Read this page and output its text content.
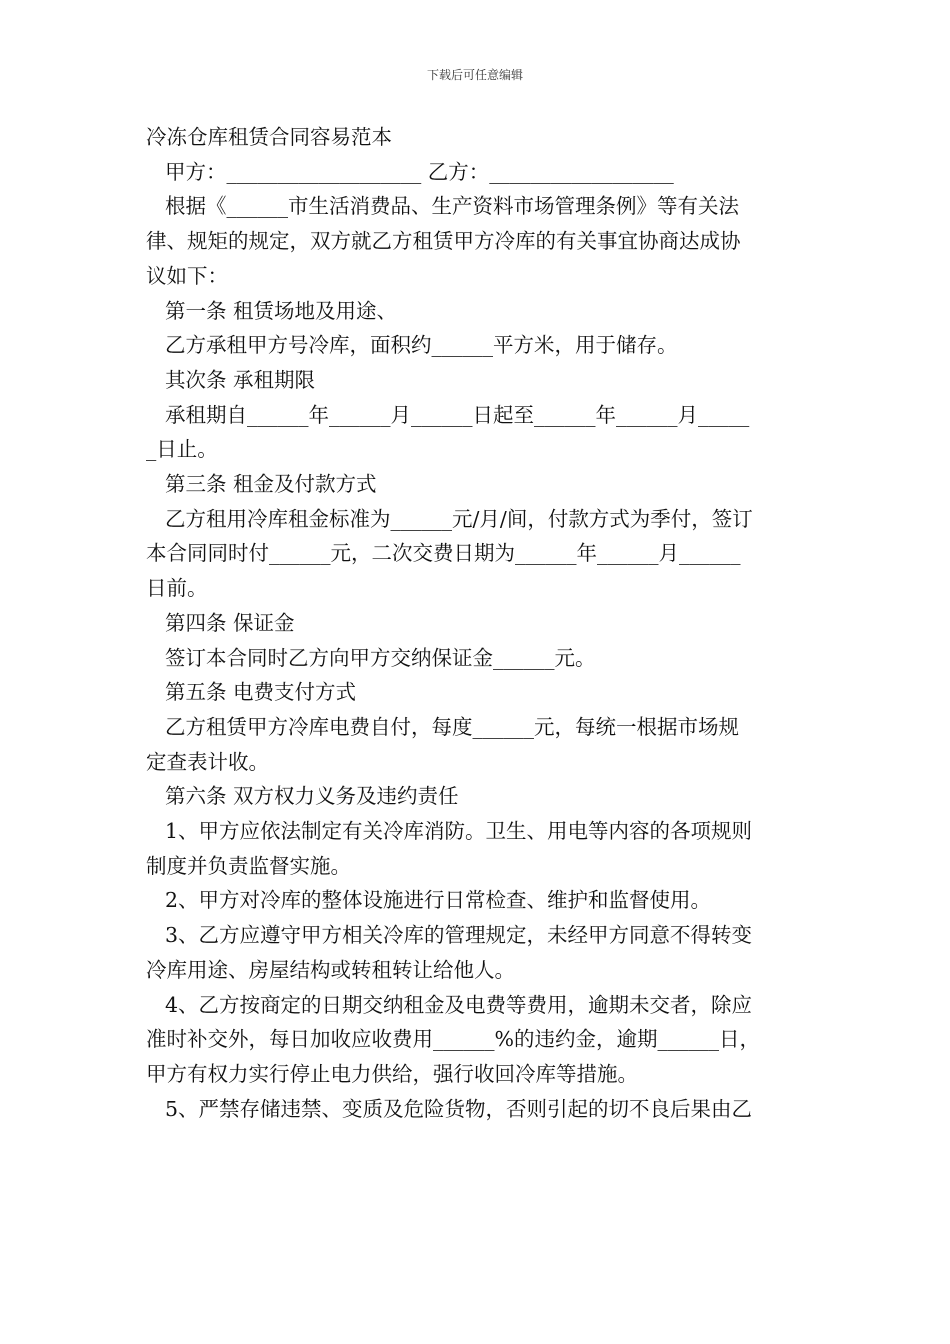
下载后可任意编辑

冷冻仓库租赁合同容易范本

甲方：___________________ 乙方：__________________

根据《______市生活消费品、生产资料市场管理条例》等有关法

律、规矩的规定，双方就乙方租赁甲方冷库的有关事宜协商达成协

议如下：

第一条 租赁场地及用途、

乙方承租甲方号冷库，面积约______平方米，用于储存。

其次条 承租期限

承租期自______年______月______日起至______年______月_____

_日止。

第三条 租金及付款方式

乙方租用冷库租金标准为______元/月/间，付款方式为季付，签订

本合同同时付______元，二次交费日期为______年______月______

日前。

第四条 保证金

签订本合同时乙方向甲方交纳保证金______元。

第五条 电费支付方式

乙方租赁甲方冷库电费自付，每度______元，每统一根据市场规

定查表计收。

第六条 双方权力义务及违约责任

1、甲方应依法制定有关冷库消防。卫生、用电等内容的各项规则

制度并负责监督实施。

2、甲方对冷库的整体设施进行日常检查、维护和监督使用。

3、乙方应遵守甲方相关冷库的管理规定，未经甲方同意不得转变

冷库用途、房屋结构或转租转让给他人。

4、乙方按商定的日期交纳租金及电费等费用，逾期未交者，除应

准时补交外，每日加收应收费用______%的违约金，逾期______日，

甲方有权力实行停止电力供给，强行收回冷库等措施。

5、严禁存储违禁、变质及危险货物，否则引起的切不良后果由乙
